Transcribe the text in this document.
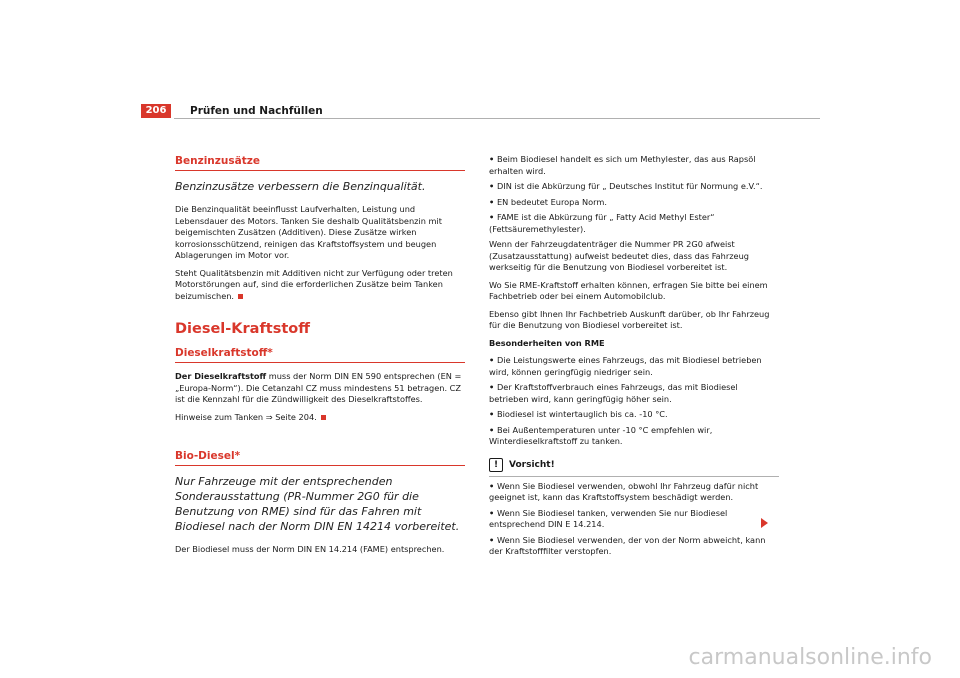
206	Prüfen und Nachfüllen
Benzinzusätze
Benzinzusätze verbessern die Benzinqualität.

Die Benzinqualität beeinflusst Laufverhalten, Leistung und Lebensdauer des Motors. Tanken Sie deshalb Qualitätsbenzin mit beigemischten Zusätzen (Additiven). Diese Zusätze wirken korrosionsschützend, reinigen das Kraftstoffsystem und beugen Ablagerungen im Motor vor.

Steht Qualitätsbenzin mit Additiven nicht zur Verfügung oder treten Motorstörungen auf, sind die erforderlichen Zusätze beim Tanken beizumischen.

Diesel-Kraftstoff
Dieselkraftstoff*

Der Dieselkraftstoff muss der Norm DIN EN 590 entsprechen (EN = „Europa-Norm“). Die Cetanzahl CZ muss mindestens 51 betragen. CZ ist die Kennzahl für die Zündwilligkeit des Dieselkraftstoffes.

Hinweise zum Tanken ⇒ Seite 204.

Bio-Diesel*
Nur Fahrzeuge mit der entsprechenden Sonderausstattung (PR-Nummer 2G0 für die Benutzung von RME) sind für das Fahren mit Biodiesel nach der Norm DIN EN 14214 vorbereitet.

Der Biodiesel muss der Norm DIN EN 14.214 (FAME) entsprechen.

• Beim Biodiesel handelt es sich um Methylester, das aus Rapsöl erhalten wird.
• DIN ist die Abkürzung für „ Deutsches Institut für Normung e.V.“.
• EN bedeutet Europa Norm.
• FAME ist die Abkürzung für „ Fatty Acid Methyl Ester“ (Fettsäuremethylester).

Wenn der Fahrzeugdatenträger die Nummer PR 2G0 afweist (Zusatzausstattung) aufweist bedeutet dies, dass das Fahrzeug werkseitig für die Benutzung von Biodiesel vorbereitet ist.

Wo Sie RME-Kraftstoff erhalten können, erfragen Sie bitte bei einem Fachbetrieb oder bei einem Automobilclub.

Ebenso gibt Ihnen Ihr Fachbetrieb Auskunft darüber, ob Ihr Fahrzeug für die Benutzung von Biodiesel vorbereitet ist.

Besonderheiten von RME

• Die Leistungswerte eines Fahrzeugs, das mit Biodiesel betrieben wird, können geringfügig niedriger sein.
• Der Kraftstoffverbrauch eines Fahrzeugs, das mit Biodiesel betrieben wird, kann geringfügig höher sein.
• Biodiesel ist wintertauglich bis ca. -10 °C.
• Bei Außentemperaturen unter -10 °C empfehlen wir, Winterdieselkraftstoff zu tanken.
!	Vorsicht!
• Wenn Sie Biodiesel verwenden, obwohl Ihr Fahrzeug dafür nicht geeignet ist, kann das Kraftstoffsystem beschädigt werden.
• Wenn Sie Biodiesel tanken, verwenden Sie nur Biodiesel entsprechend DIN E 14.214.
• Wenn Sie Biodiesel verwenden, der von der Norm abweicht, kann der Kraftstofffilter verstopfen.
carmanualsonline.info
